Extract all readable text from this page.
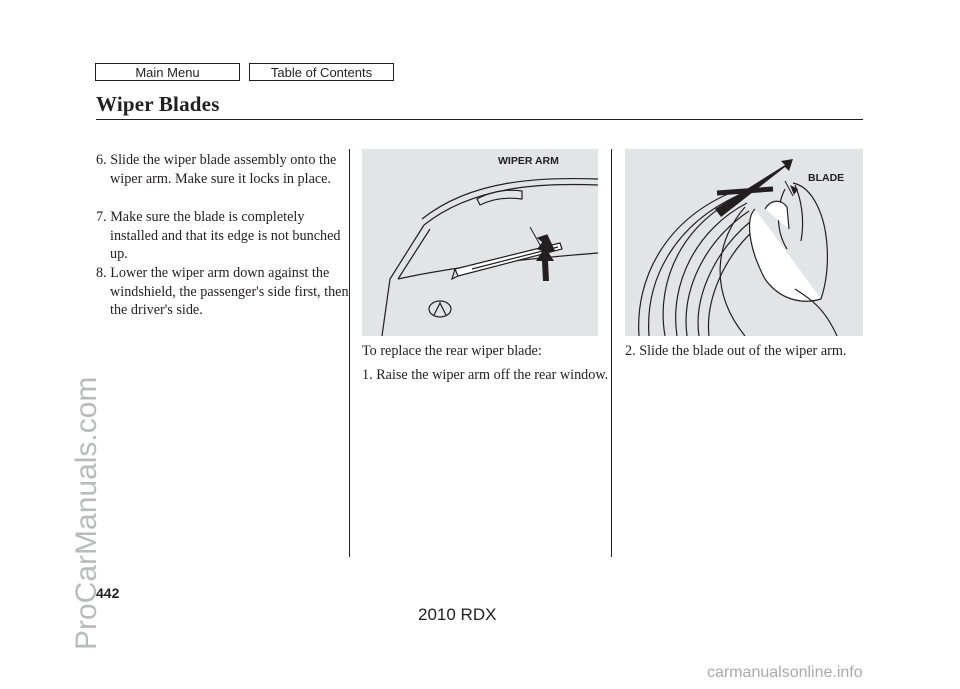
Main Menu	Table of Contents
Wiper Blades

6. Slide the wiper blade assembly onto the wiper arm. Make sure it locks in place.

7. Make sure the blade is completely installed and that its edge is not bunched up.

8. Lower the wiper arm down against the windshield, the passenger's side first, then the driver's side.

WIPER ARM

To replace the rear wiper blade:

1. Raise the wiper arm off the rear window.

BLADE

2. Slide the blade out of the wiper arm.

442
2010 RDX
ProCarManuals.com
carmanualsonline.info
